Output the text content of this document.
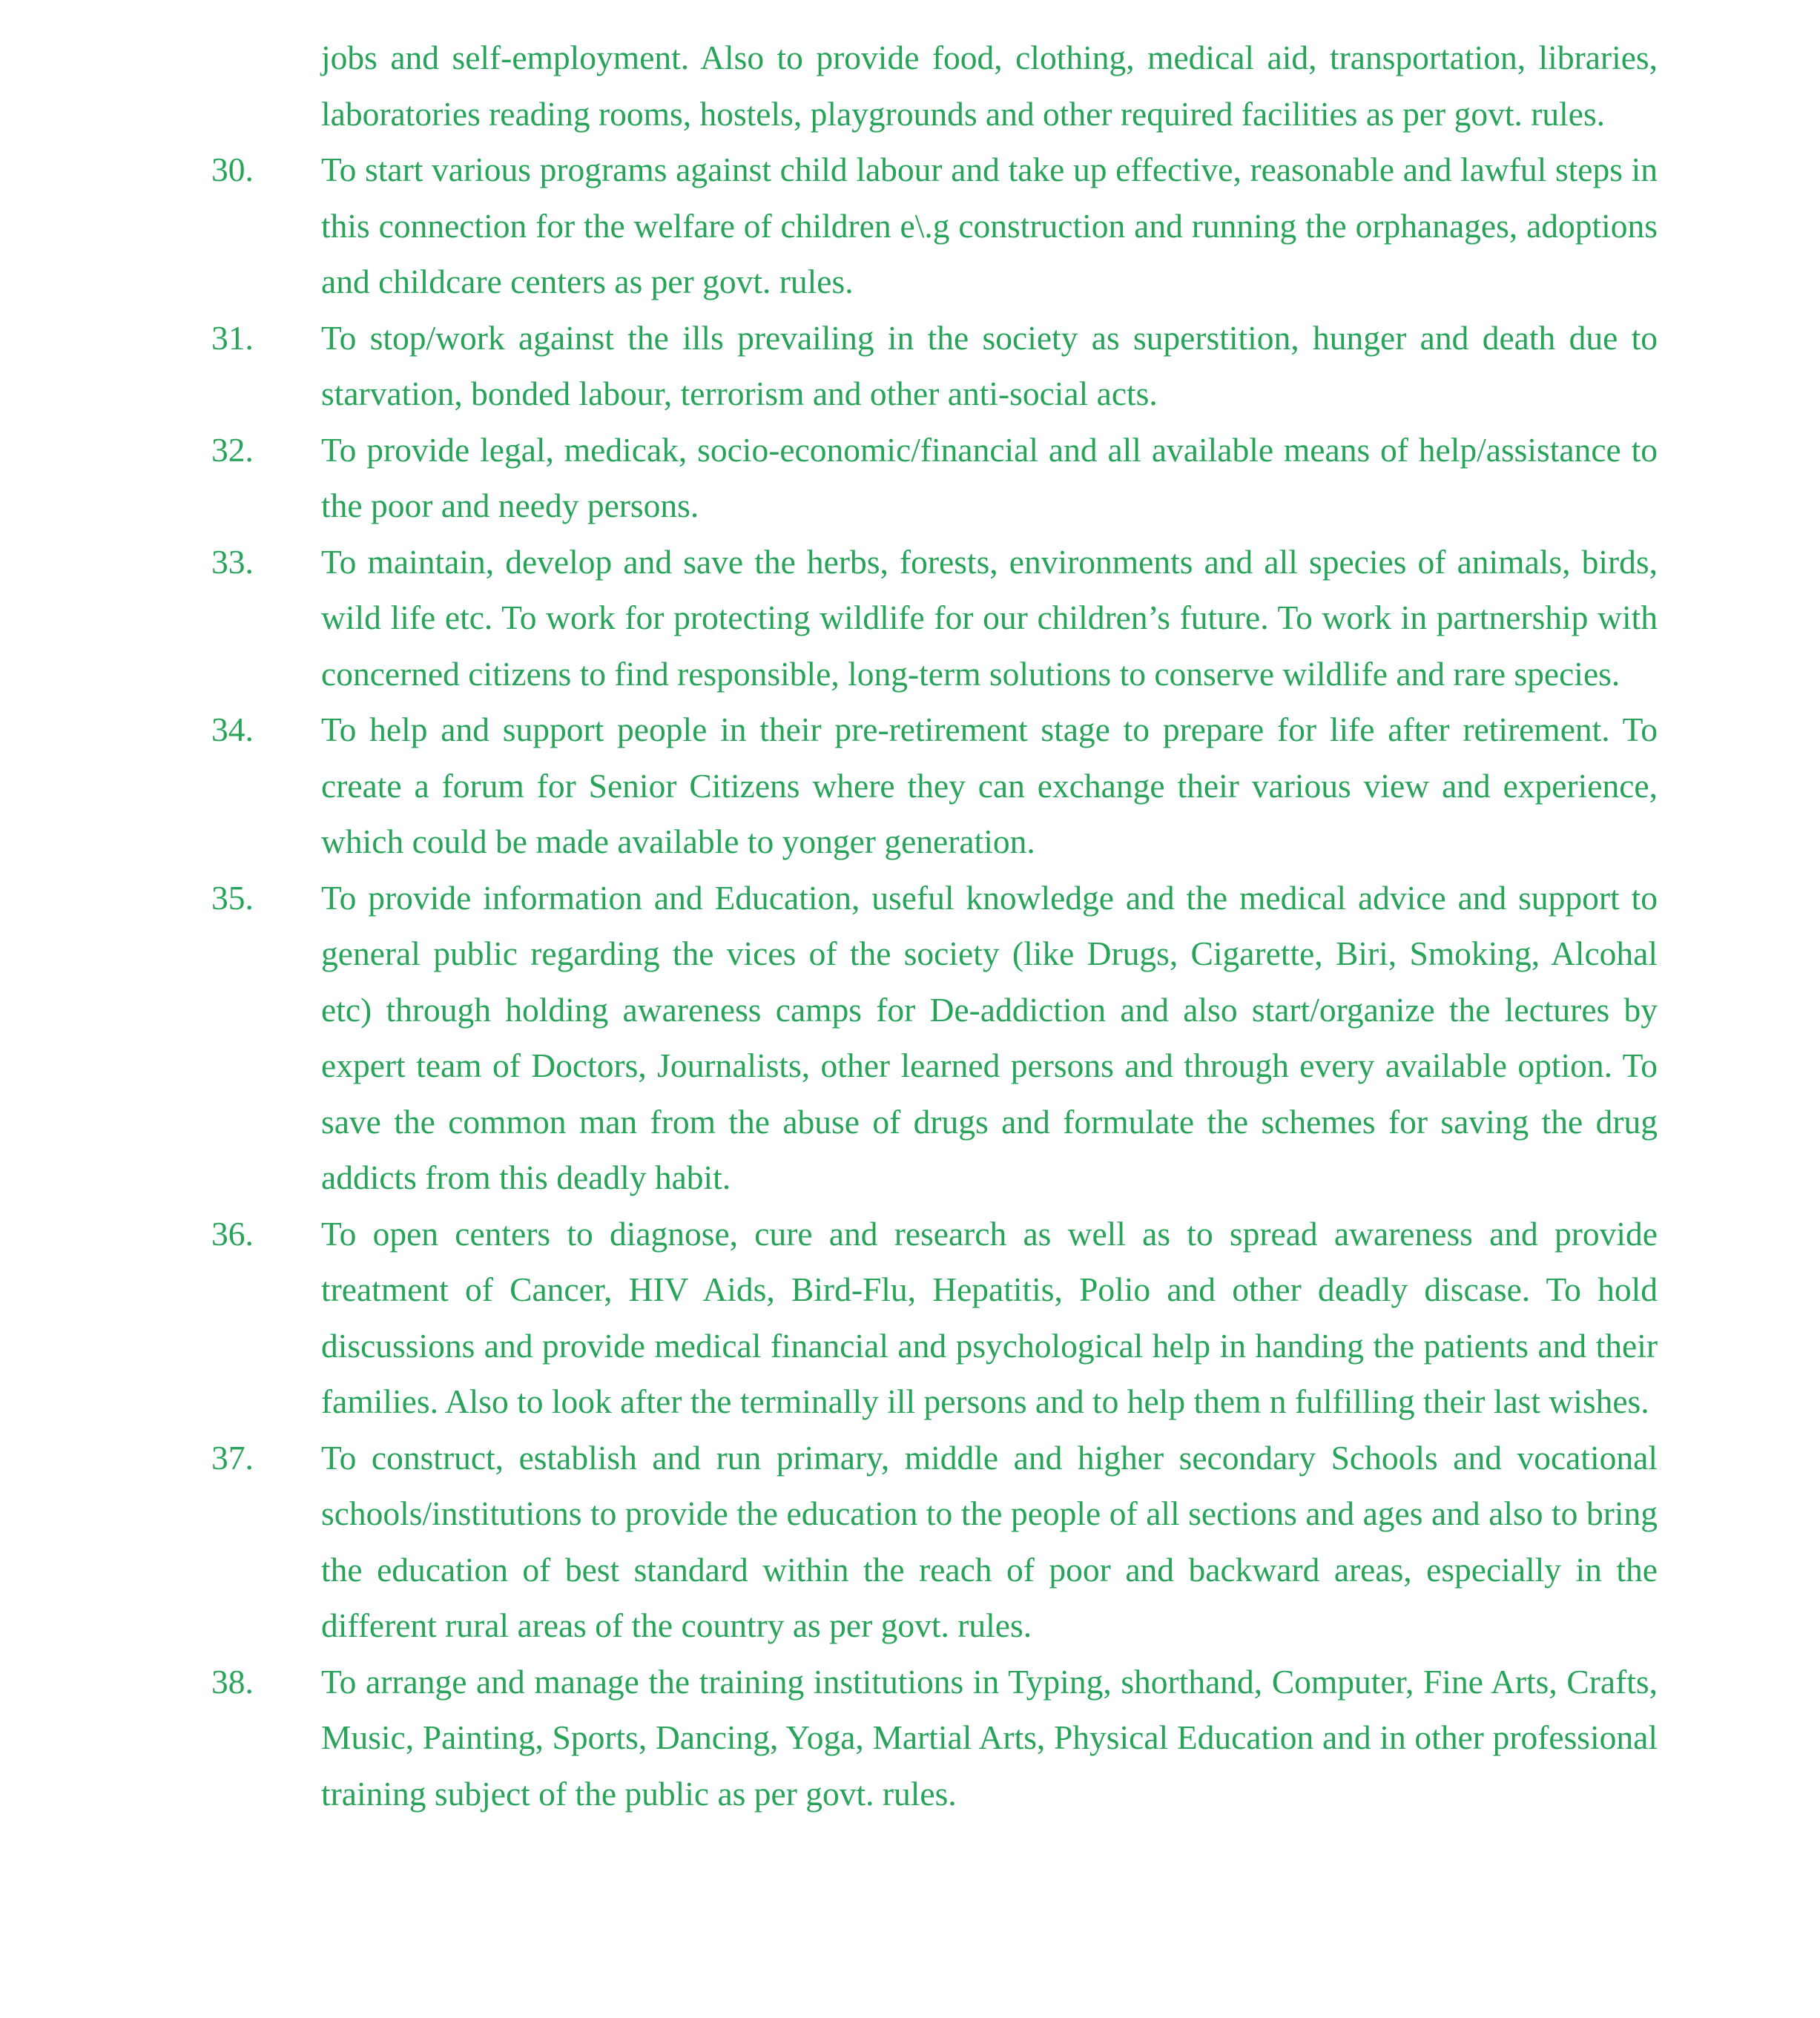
jobs and self-employment. Also to provide food, clothing, medical aid, transportation, libraries, laboratories reading rooms, hostels, playgrounds and other required facilities as per govt. rules.
30. To start various programs against child labour and take up effective, reasonable and lawful steps in this connection for the welfare of children e\.g construction and running the orphanages, adoptions and childcare centers as per govt. rules.
31. To stop/work against the ills prevailing in the society as superstition, hunger and death due to starvation, bonded labour, terrorism and other anti-social acts.
32. To provide legal, medicak, socio-economic/financial and all available means of help/assistance to the poor and needy persons.
33. To maintain, develop and save the herbs, forests, environments and all species of animals, birds, wild life etc. To work for protecting wildlife for our children’s future. To work in partnership with concerned citizens to find responsible, long-term solutions to conserve wildlife and rare species.
34. To help and support people in their pre-retirement stage to prepare for life after retirement. To create a forum for Senior Citizens where they can exchange their various view and experience, which could be made available to yonger generation.
35. To provide information and Education, useful knowledge and the medical advice and support to general public regarding the vices of the society (like Drugs, Cigarette, Biri, Smoking, Alcohal etc) through holding awareness camps for De-addiction and also start/organize the lectures by expert team of Doctors, Journalists, other learned persons and through every available option. To save the common man from the abuse of drugs and formulate the schemes for saving the drug addicts from this deadly habit.
36. To open centers to diagnose, cure and research as well as to spread awareness and provide treatment of Cancer, HIV Aids, Bird-Flu, Hepatitis, Polio and other deadly discase. To hold discussions and provide medical financial and psychological help in handing the patients and their families. Also to look after the terminally ill persons and to help them n fulfilling their last wishes.
37. To construct, establish and run primary, middle and higher secondary Schools and vocational schools/institutions to provide the education to the people of all sections and ages and also to bring the education of best standard within the reach of poor and backward areas, especially in the different rural areas of the country as per govt. rules.
38. To arrange and manage the training institutions in Typing, shorthand, Computer, Fine Arts, Crafts, Music, Painting, Sports, Dancing, Yoga, Martial Arts, Physical Education and in other professional training subject of the public as per govt. rules.
